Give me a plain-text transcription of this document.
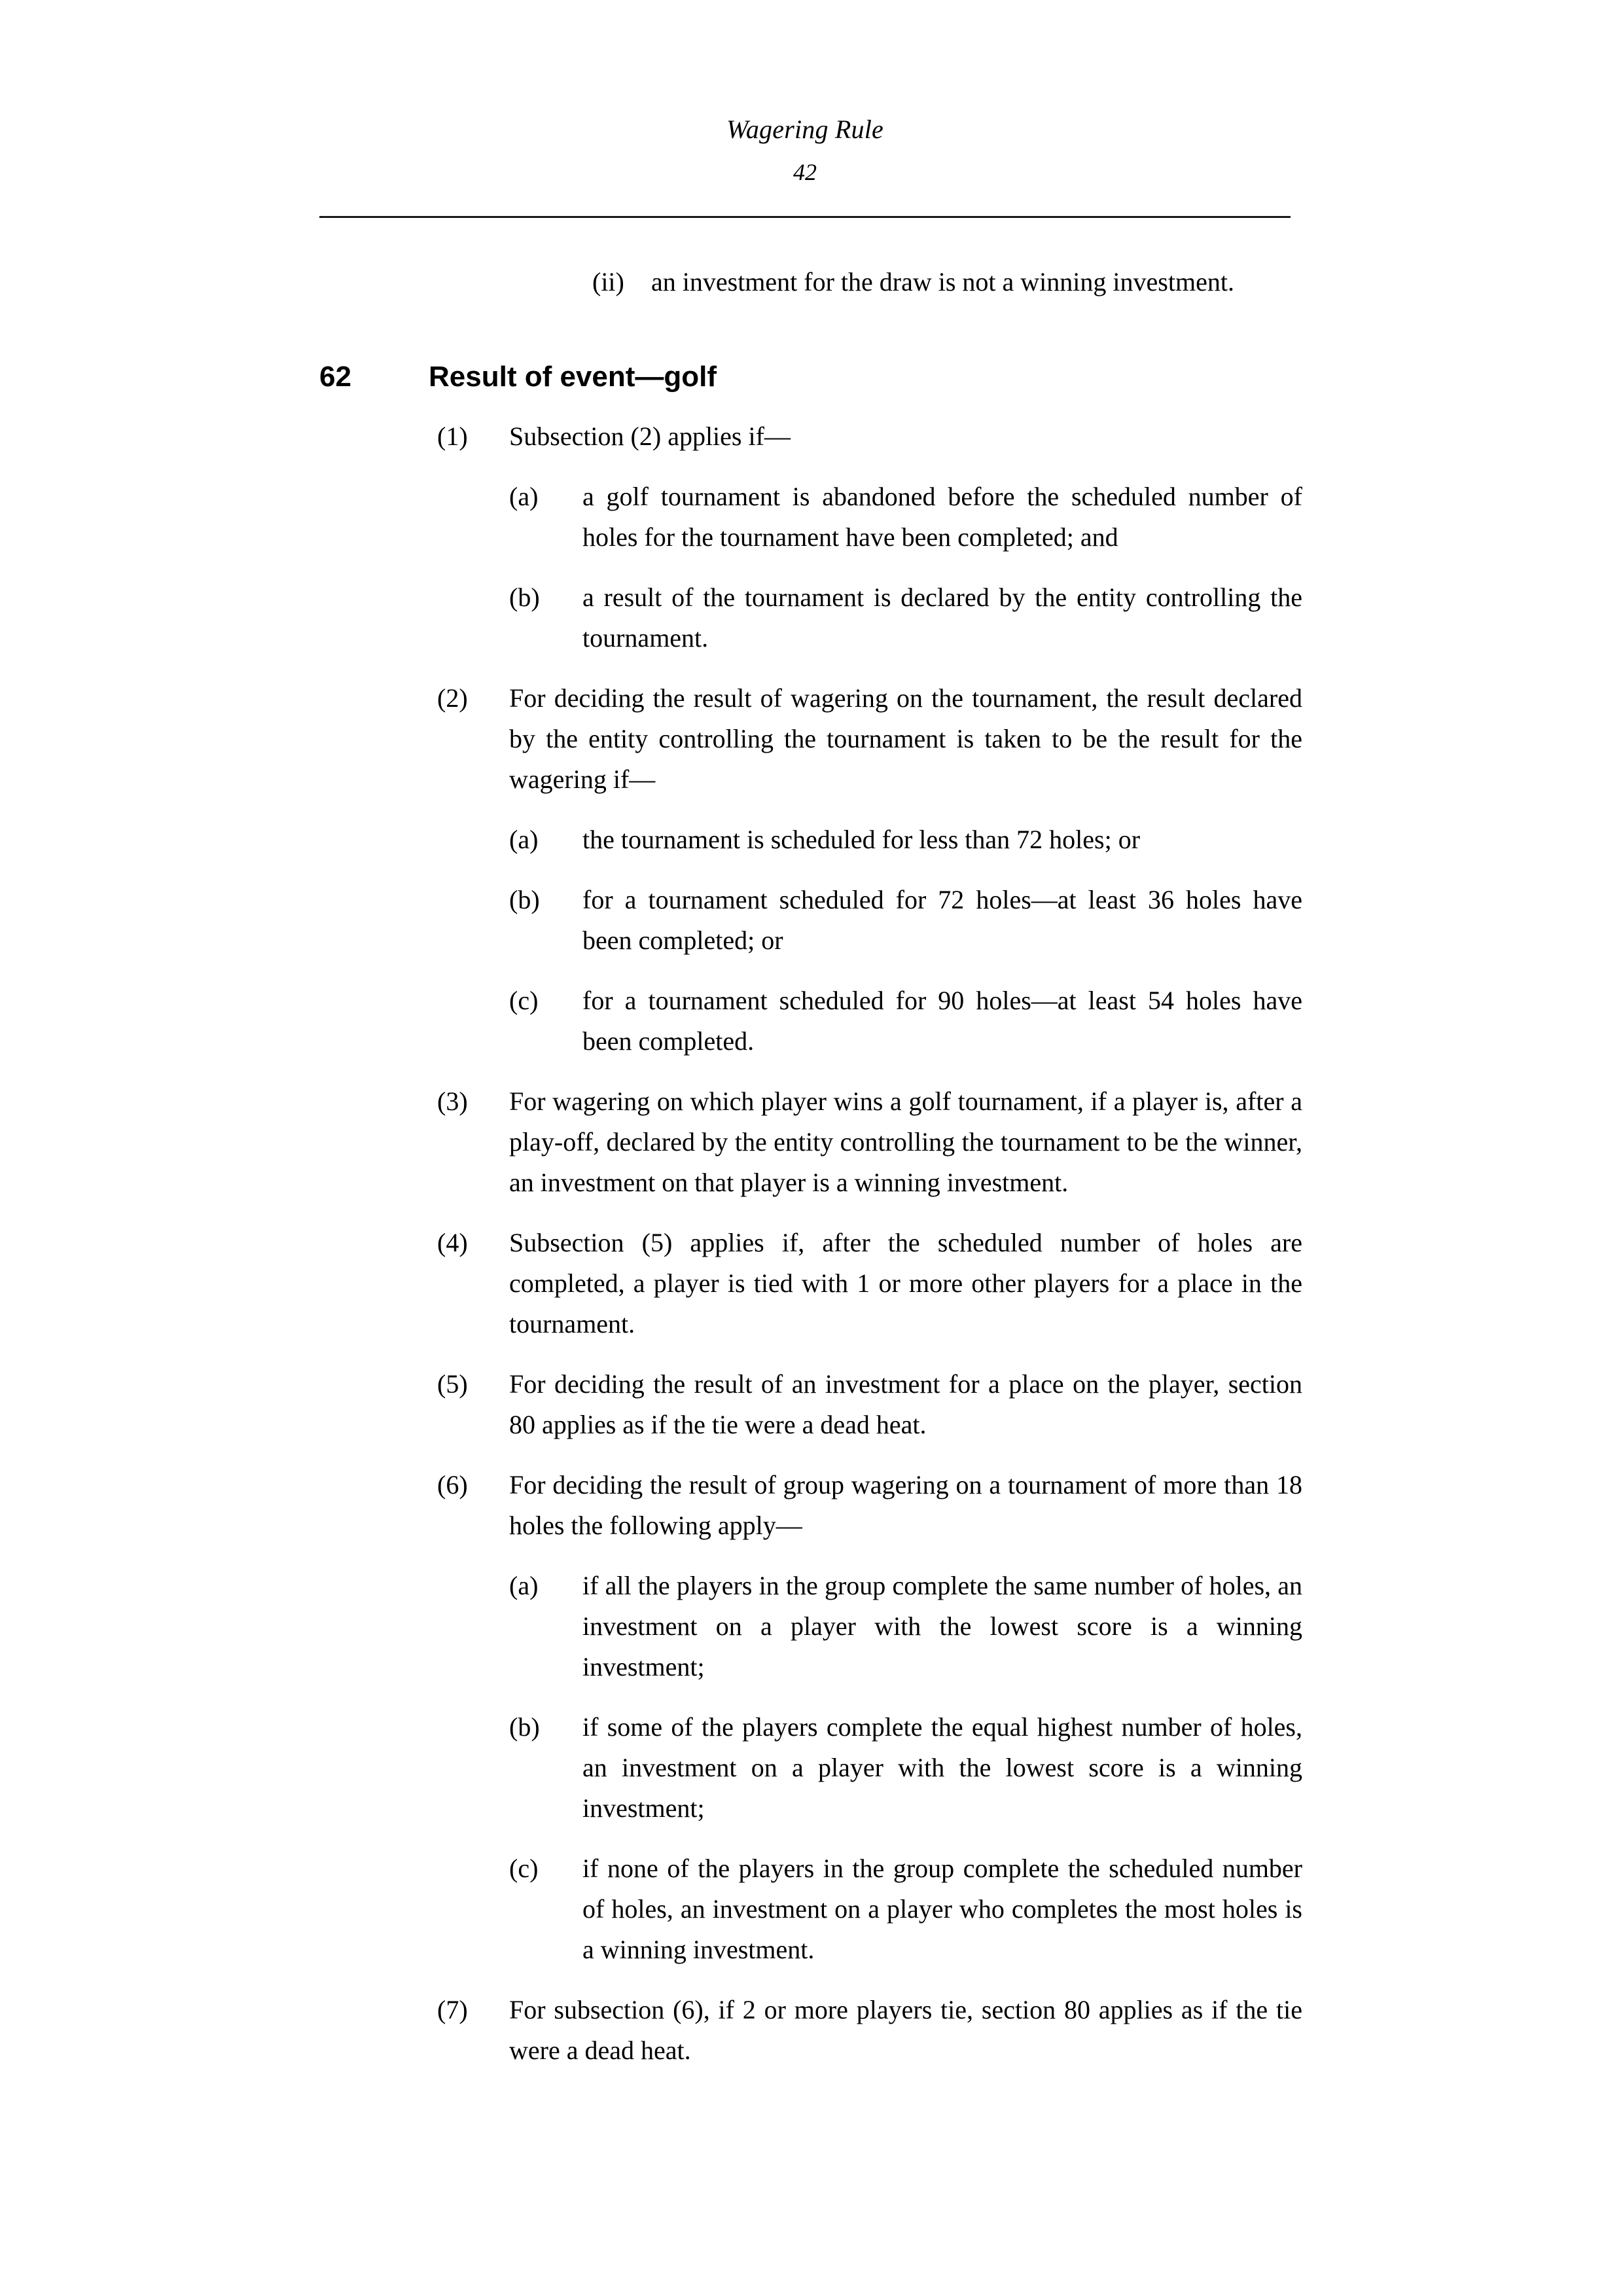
Wagering Rule
42
(ii)	an investment for the draw is not a winning investment.
62	Result of event—golf
(1)	Subsection (2) applies if—
(a)	a golf tournament is abandoned before the scheduled number of holes for the tournament have been completed; and
(b)	a result of the tournament is declared by the entity controlling the tournament.
(2)	For deciding the result of wagering on the tournament, the result declared by the entity controlling the tournament is taken to be the result for the wagering if—
(a)	the tournament is scheduled for less than 72 holes; or
(b)	for a tournament scheduled for 72 holes—at least 36 holes have been completed; or
(c)	for a tournament scheduled for 90 holes—at least 54 holes have been completed.
(3)	For wagering on which player wins a golf tournament, if a player is, after a play-off, declared by the entity controlling the tournament to be the winner, an investment on that player is a winning investment.
(4)	Subsection (5) applies if, after the scheduled number of holes are completed, a player is tied with 1 or more other players for a place in the tournament.
(5)	For deciding the result of an investment for a place on the player, section 80 applies as if the tie were a dead heat.
(6)	For deciding the result of group wagering on a tournament of more than 18 holes the following apply—
(a)	if all the players in the group complete the same number of holes, an investment on a player with the lowest score is a winning investment;
(b)	if some of the players complete the equal highest number of holes, an investment on a player with the lowest score is a winning investment;
(c)	if none of the players in the group complete the scheduled number of holes, an investment on a player who completes the most holes is a winning investment.
(7)	For subsection (6), if 2 or more players tie, section 80 applies as if the tie were a dead heat.
